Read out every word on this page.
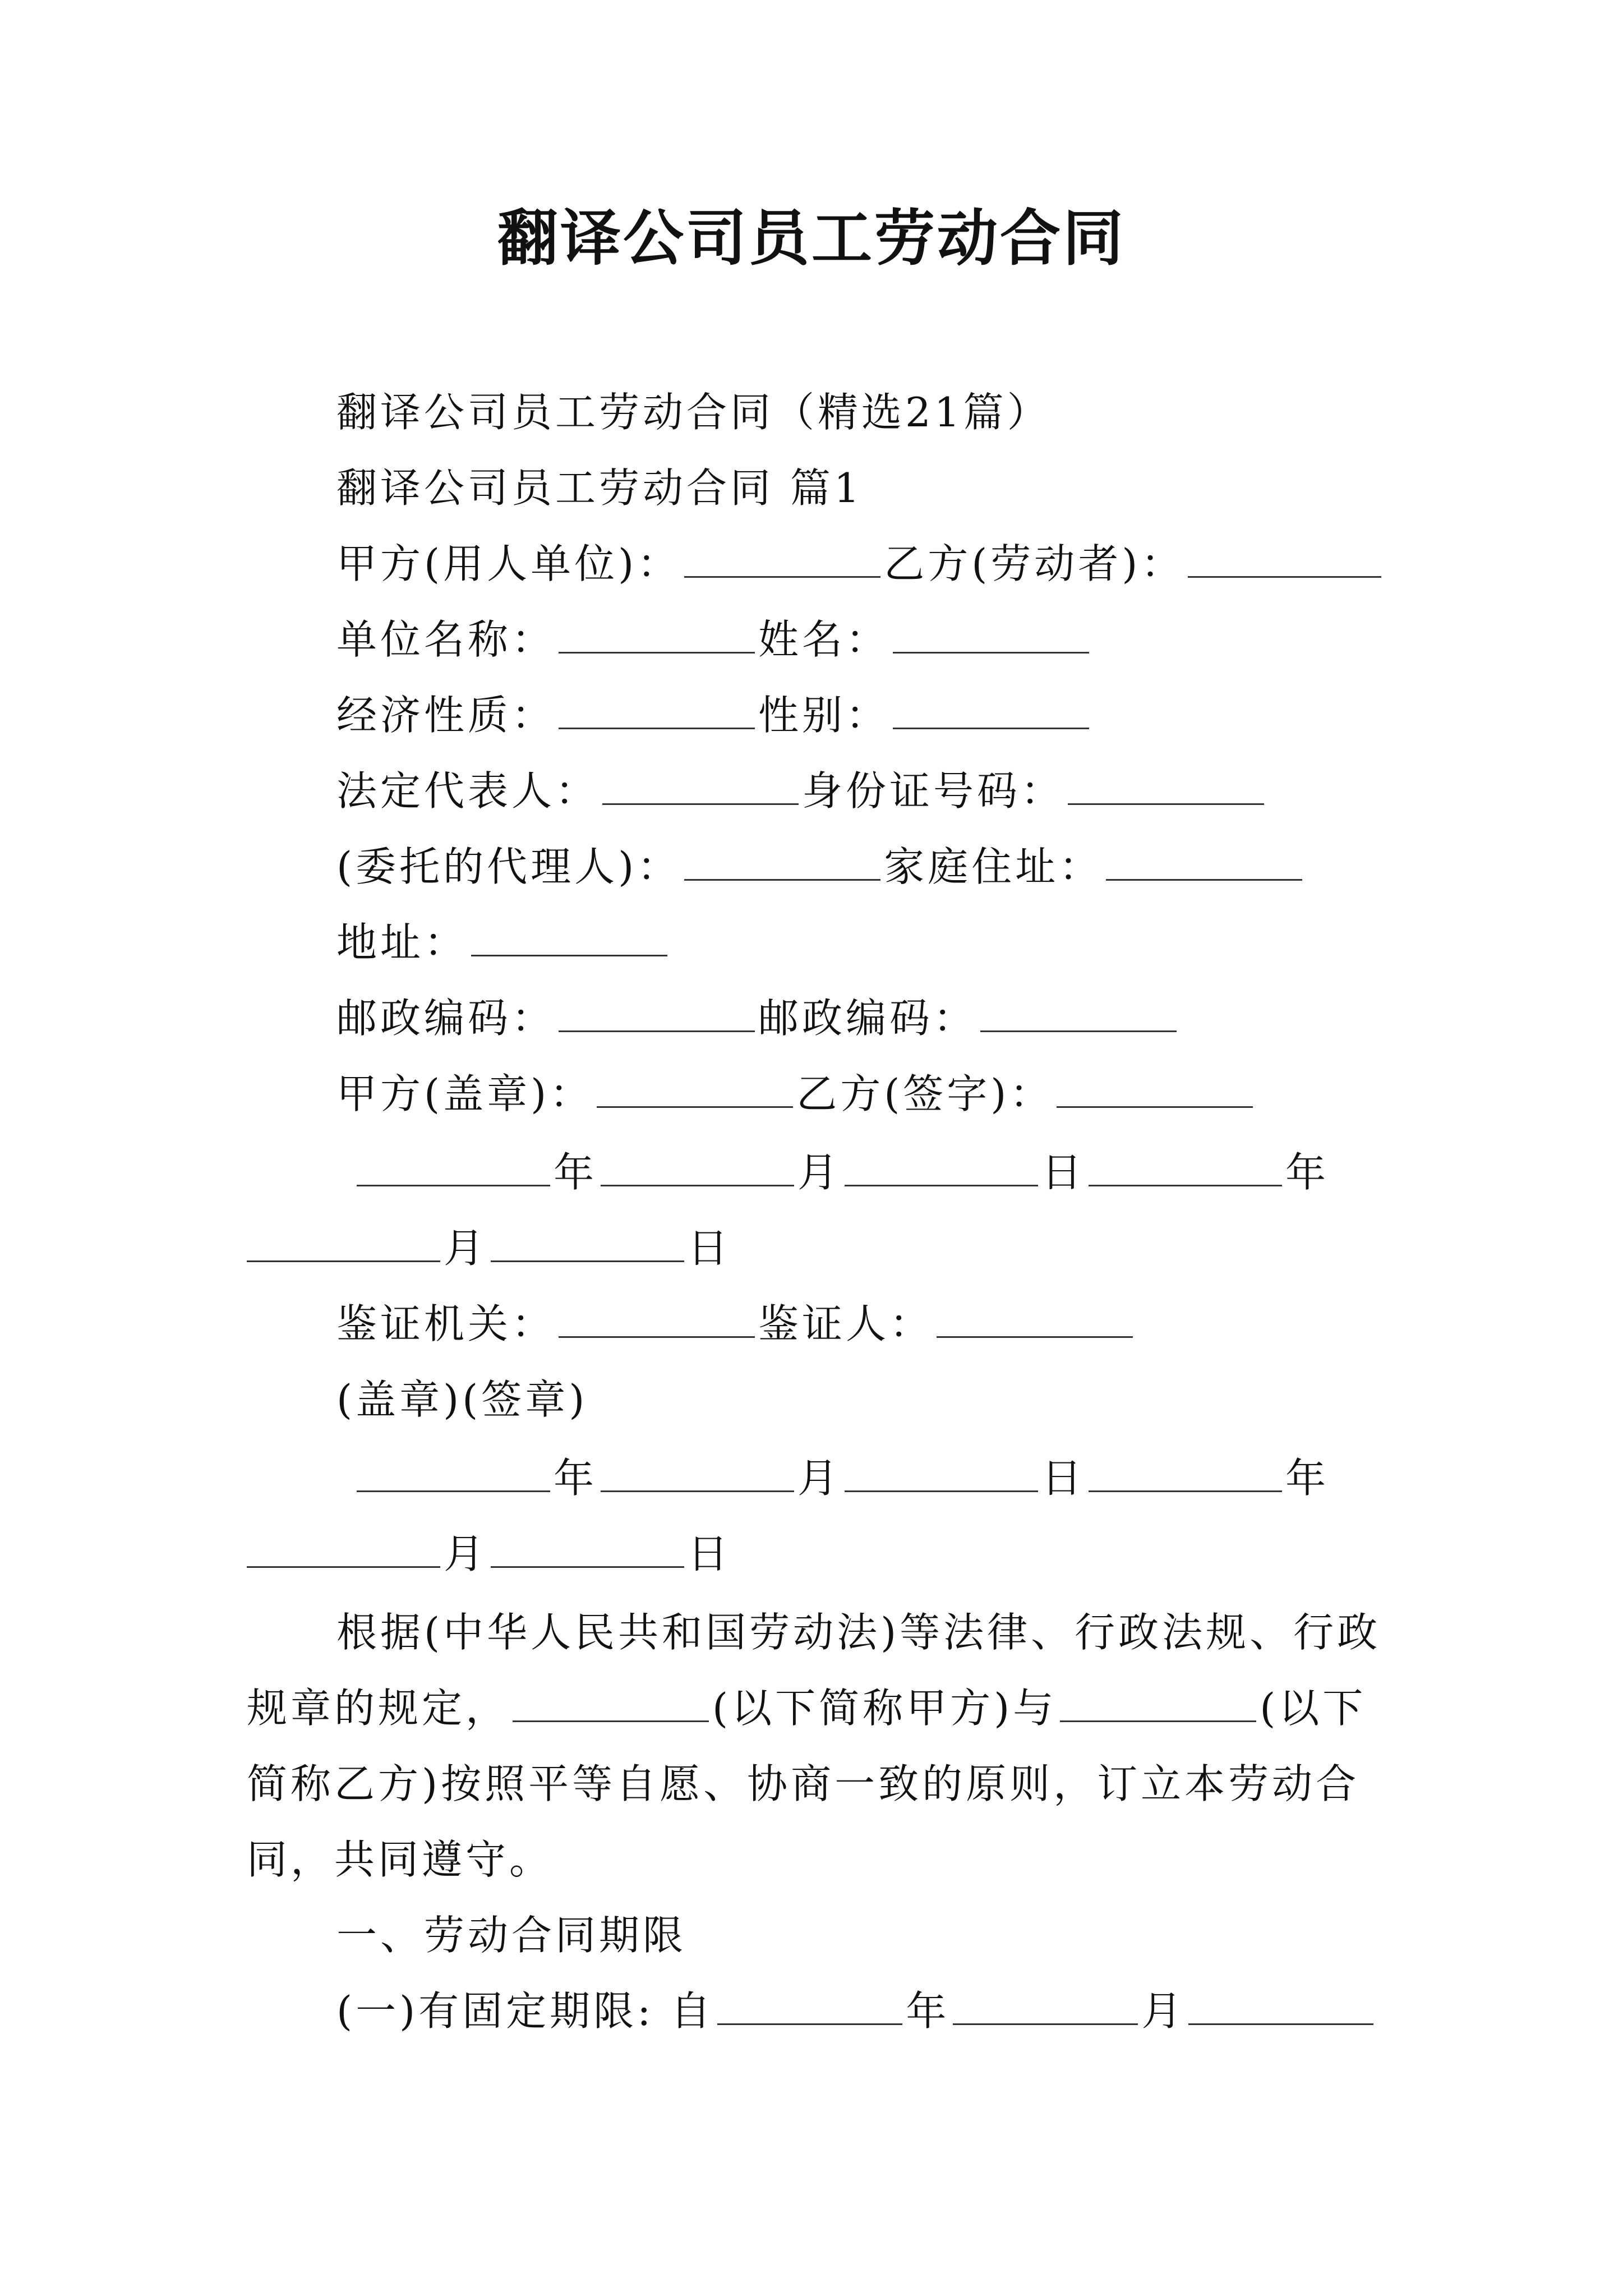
翻译公司员工劳动合同
翻译公司员工劳动合同（精选21篇）
翻译公司员工劳动合同 篇1
甲方(用人单位)：	乙方(劳动者)：
单位名称：	姓名：
经济性质：	性别：
法定代表人：	身份证号码：
(委托的代理人)：	家庭住址：
地址：
邮政编码：	邮政编码：
甲方(盖章)：	乙方(签字)：
年	月	日	年
月	日
鉴证机关：	鉴证人：
(盖章)(签章)
年	月	日	年
月	日
根据(中华人民共和国劳动法)等法律、行政法规、行政
规章的规定，	(以下简称甲方)与	(以下
简称乙方)按照平等自愿、协商一致的原则，订立本劳动合
同，共同遵守。
一、劳动合同期限
(一)有固定期限: 自	年	月
